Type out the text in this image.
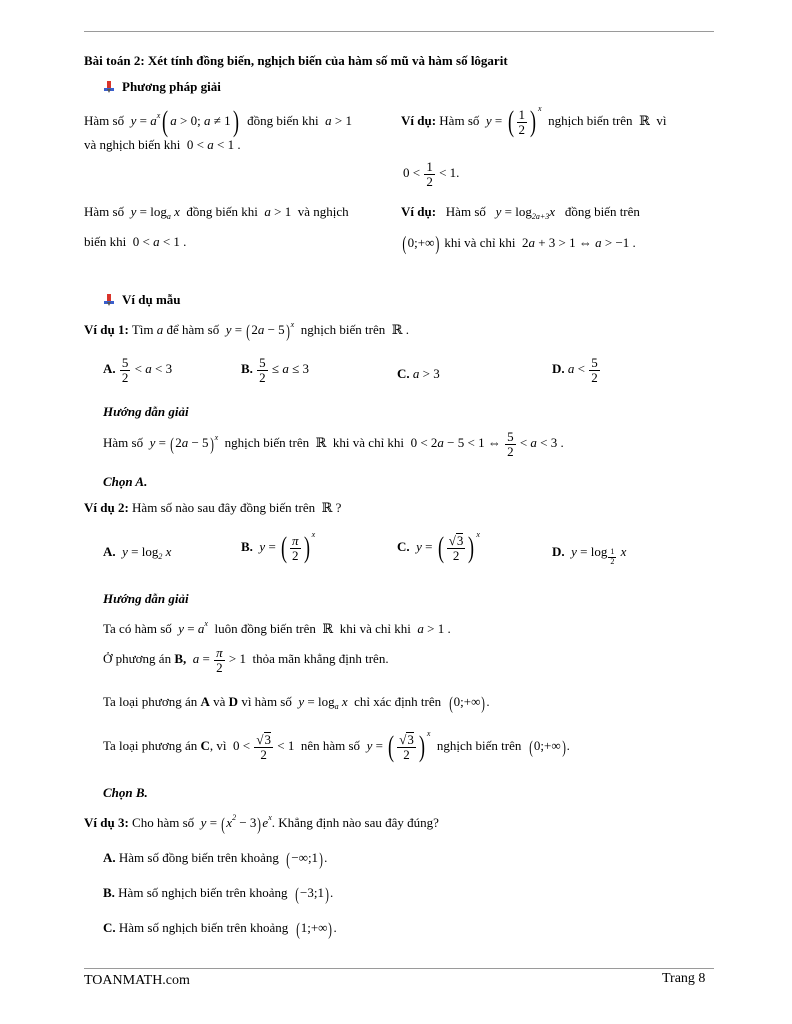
Bài toán 2: Xét tính đồng biến, nghịch biến của hàm số mũ và hàm số lôgarit
Phương pháp giải
Hàm số $y = a^x$( a > 0; a ≠ 1) đồng biến khi a > 1
và nghịch biến khi  0 < a < 1 .
Ví dụ: Hàm số y = ( $\frac{1}{2}$ ) $^x$  nghịch biến trên  ℝ  vì
$0 < \frac{1}{2} < 1$.
Hàm số $y = \log_a x$ đồng biến khi a > 1  và nghịch
biến khi  0 < a < 1 .
Ví dụ: Hàm số $y = \log_{2a+3}x$ đồng biến trên
(0;+∞) khi và chỉ khi  2a + 3 > 1 ⇔ a > −1 .
Ví dụ mẫu
Ví dụ 1: Tìm a để hàm số $y = (2a - 5)^x$ nghịch biến trên  ℝ .
A. $\frac{5}{2} < a < 3$	B. $\frac{5}{2} \le a \le 3$	C. a > 3	D. $a < \frac{5}{2}$
Hướng dẫn giải
Hàm số $y = (2a - 5)^x$ nghịch biến trên  ℝ  khi và chỉ khi  0 < 2a − 5 < 1 ⇔ $\frac{5}{2} < a < 3$ .
Chọn A.
Ví dụ 2: Hàm số nào sau đây đồng biến trên  ℝ ?
A. $y = \log_2 x$	B. y = ( $\frac{\pi}{2}$ ) $^x$
C. y = ( $\frac{√3}{2}$ ) $^x$
D. y = log $_{\frac{1}{2}}$ x
Hướng dẫn giải
Ta có hàm số $y = a^x$ luôn đồng biến trên  ℝ  khi và chỉ khi a > 1 .
Ở phương án B, $a = \frac{\pi}{2} > 1$  thỏa mãn khẳng định trên.
Ta loại phương án A và D vì hàm số $y = \log_a x$ chỉ xác định trên (0;+∞).
Ta loại phương án C, vì  $0 < \frac{√3}{2} < 1$  nên hàm số y = ( $\frac{√3}{2}$ ) $^x$  nghịch biến trên (0;+∞).
Chọn B.
Ví dụ 3: Cho hàm số $y = (x^2 - 3)e^x$. Khẳng định nào sau đây đúng?
A. Hàm số đồng biến trên khoảng (−∞;1).
B. Hàm số nghịch biến trên khoảng (−3;1).
C. Hàm số nghịch biến trên khoảng (1;+∞).
TOANMATH.com	Trang 8
